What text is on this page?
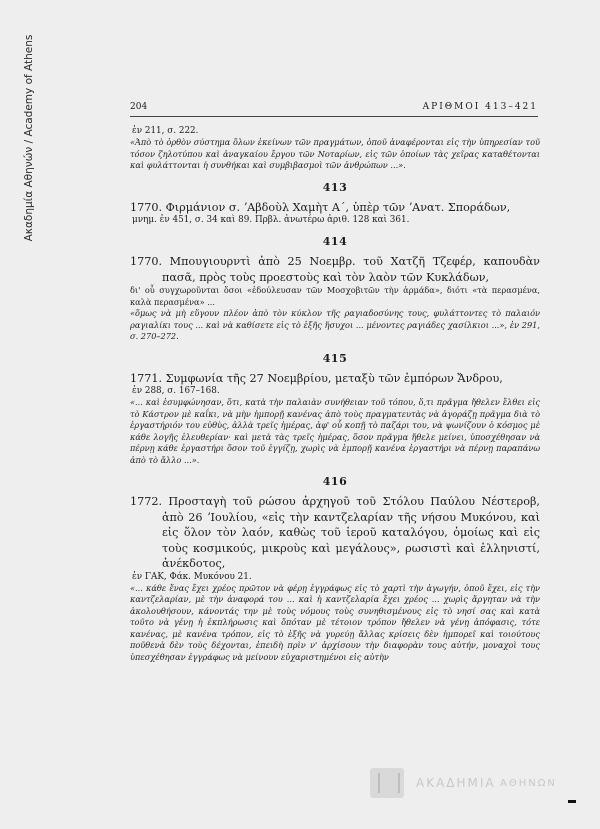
Ακαδημία Αθηνών / Academy of Athens	204	ΑΡΙΘΜΟΙ 413–421

ἐν 211, σ. 222.

«Ἀπὸ τὸ ὀρθὸν σύστημα ὅλων ἐκείνων τῶν πραγμάτων, ὁποῦ ἀναφέρονται εἰς τὴν ὑπηρεσίαν τοῦ τόσον ζηλοτύπου καὶ ἀναγκαίου ἔργου τῶν Νοταρίων, εἰς τῶν ὁποίων τὰς χεῖρας καταθέτονται καὶ φυλάττονται ἡ συνθήκαι καὶ συμβιβασμοὶ τῶν ἀνθρώπων ...».

413

1770. Φιρμάνιον σ. ʼΑβδοὺλ Χαμὴτ Α΄, ὑπὲρ τῶν ʼΑνατ. Σποράδων,

μνημ. ἐν 451, σ. 34 καὶ 89. Πρβλ. ἀνωτέρω ἀριθ. 128 καὶ 361.

414

1770. Μπουγιουρντὶ ἀπὸ 25 Νοεμβρ. τοῦ Χατζῆ Τζεφέρ, καπουδὰν πασᾶ, πρὸς τοὺς προεστοὺς καὶ τὸν λαὸν τῶν Κυκλάδων,

δι' οὗ συγχωροῦνται ὅσοι «ἐδούλευσαν τῶν Μοσχοβιτῶν τὴν ἀρμάδα», διότι «τὰ περασμένα, καλὰ περασμένα» ...

«ὅμως νὰ μὴ εὕγουν πλέον ἀπὸ τὸν κύκλον τῆς ραγιαδοσύνης τους, φυλάττοντες τὸ παλαιόν ραγιαλίκι τους ... καὶ νὰ καθίσετε εἰς τὸ ἑξῆς ἥσυχοι ... μένοντες ραγιάδες χασίλκιοι ...», ἐν 291, σ. 270–272.

415

1771. Συμφωνία τῆς 27 Νοεμβρίου, μεταξὺ τῶν ἐμπόρων Ἄνδρου,

ἐν 288, σ. 167–168.

«... καὶ ἐσυμφώνησαν, ὅτι, κατὰ τὴν παλαιὰν συνήθειαν τοῦ τόπου, ὅ,τι πρᾶγμα ἤθελεν ἔλθει εἰς τὸ Κάστρον μὲ καΐκι, νὰ μὴν ἠμπορῇ κανένας ἀπὸ τοὺς πραγματευτὰς νὰ ἀγοράζῃ πρᾶγμα διὰ τὸ ἐργαστήριόν του εὐθὺς, ἀλλὰ τρεῖς ἡμέρας, ἀφ' οὗ κοπῇ τὸ παζάρι του, νὰ ψωνίζουν ὁ κόσμος μὲ κάθε λογῆς ἐλευθερίαν· καὶ μετὰ τὰς τρεῖς ἡμέρας, ὅσον πρᾶγμα ἤθελε μείνει, ὑποσχέθησαν νὰ πέρνῃ κάθε ἐργαστήρι ὅσον τοῦ ἐγγίζῃ, χωρὶς νὰ ἐμπορῇ κανένα ἐργαστήρι νὰ πέρνῃ παραπάνω ἀπὸ τὸ ἄλλο ...».

416

1772. Προσταγὴ τοῦ ρώσου ἀρχηγοῦ τοῦ Στόλου Παύλου Νέστεροβ, ἀπὸ 26 ʼΙουλίου, «εἰς τὴν καντζελαρίαν τῆς νήσου Μυκόνου, καὶ εἰς ὅλον τὸν λαόν, καθὼς τοῦ ἱεροῦ καταλόγου, ὁμοίως καὶ εἰς τοὺς κοσμικούς, μικροὺς καὶ μεγάλους», ρωσιστὶ καὶ ἑλληνιστί, ἀνέκδοτος,

ἐν ΓΑΚ, Φάκ. Μυκόνου 21.

«... κάθε ἕνας ἔχει χρέος πρῶτον νὰ φέρῃ ἐγγράφως εἰς τὸ χαρτὶ τὴν ἀγωγήν, ὁποῦ ἔχει, εἰς τὴν καντζελαρίαν, μὲ τὴν ἀναφορά του ... καὶ ἡ καντζελαρία ἔχει χρέος ... χωρὶς ἄργηταν νὰ τὴν ἀκολουθήσουν, κάνοντάς την μὲ τοὺς νόμους τοὺς συνηθισμένους εἰς τὸ νησί σας καὶ κατὰ τοῦτο νὰ γένῃ ἡ ἐκπλήρωσις καὶ ὅπόταν μὲ τέτοιον τρόπον ἤθελεν νὰ γένῃ ἀπόφασις, τότε κανένας, μὲ κανένα τρόπον, εἰς τὸ ἑξῆς νὰ γυρεύῃ ἄλλας κρίσεις δὲν ἠμπορεῖ καὶ τοιούτους ποῦθενὰ δὲν τοὺς δέχονται, ἐπειδὴ πρὶν ν' ἀρχίσουν τὴν διαφορὰν τους αὐτήν, μοναχοὶ τους ὑπεσχέθησαν ἐγγράφως νὰ μείνουν εὐχαριστημένοι εἰς αὐτὴν

ΑΚΑΔΗΜΙΑ ΑΘΗΝΩΝ
